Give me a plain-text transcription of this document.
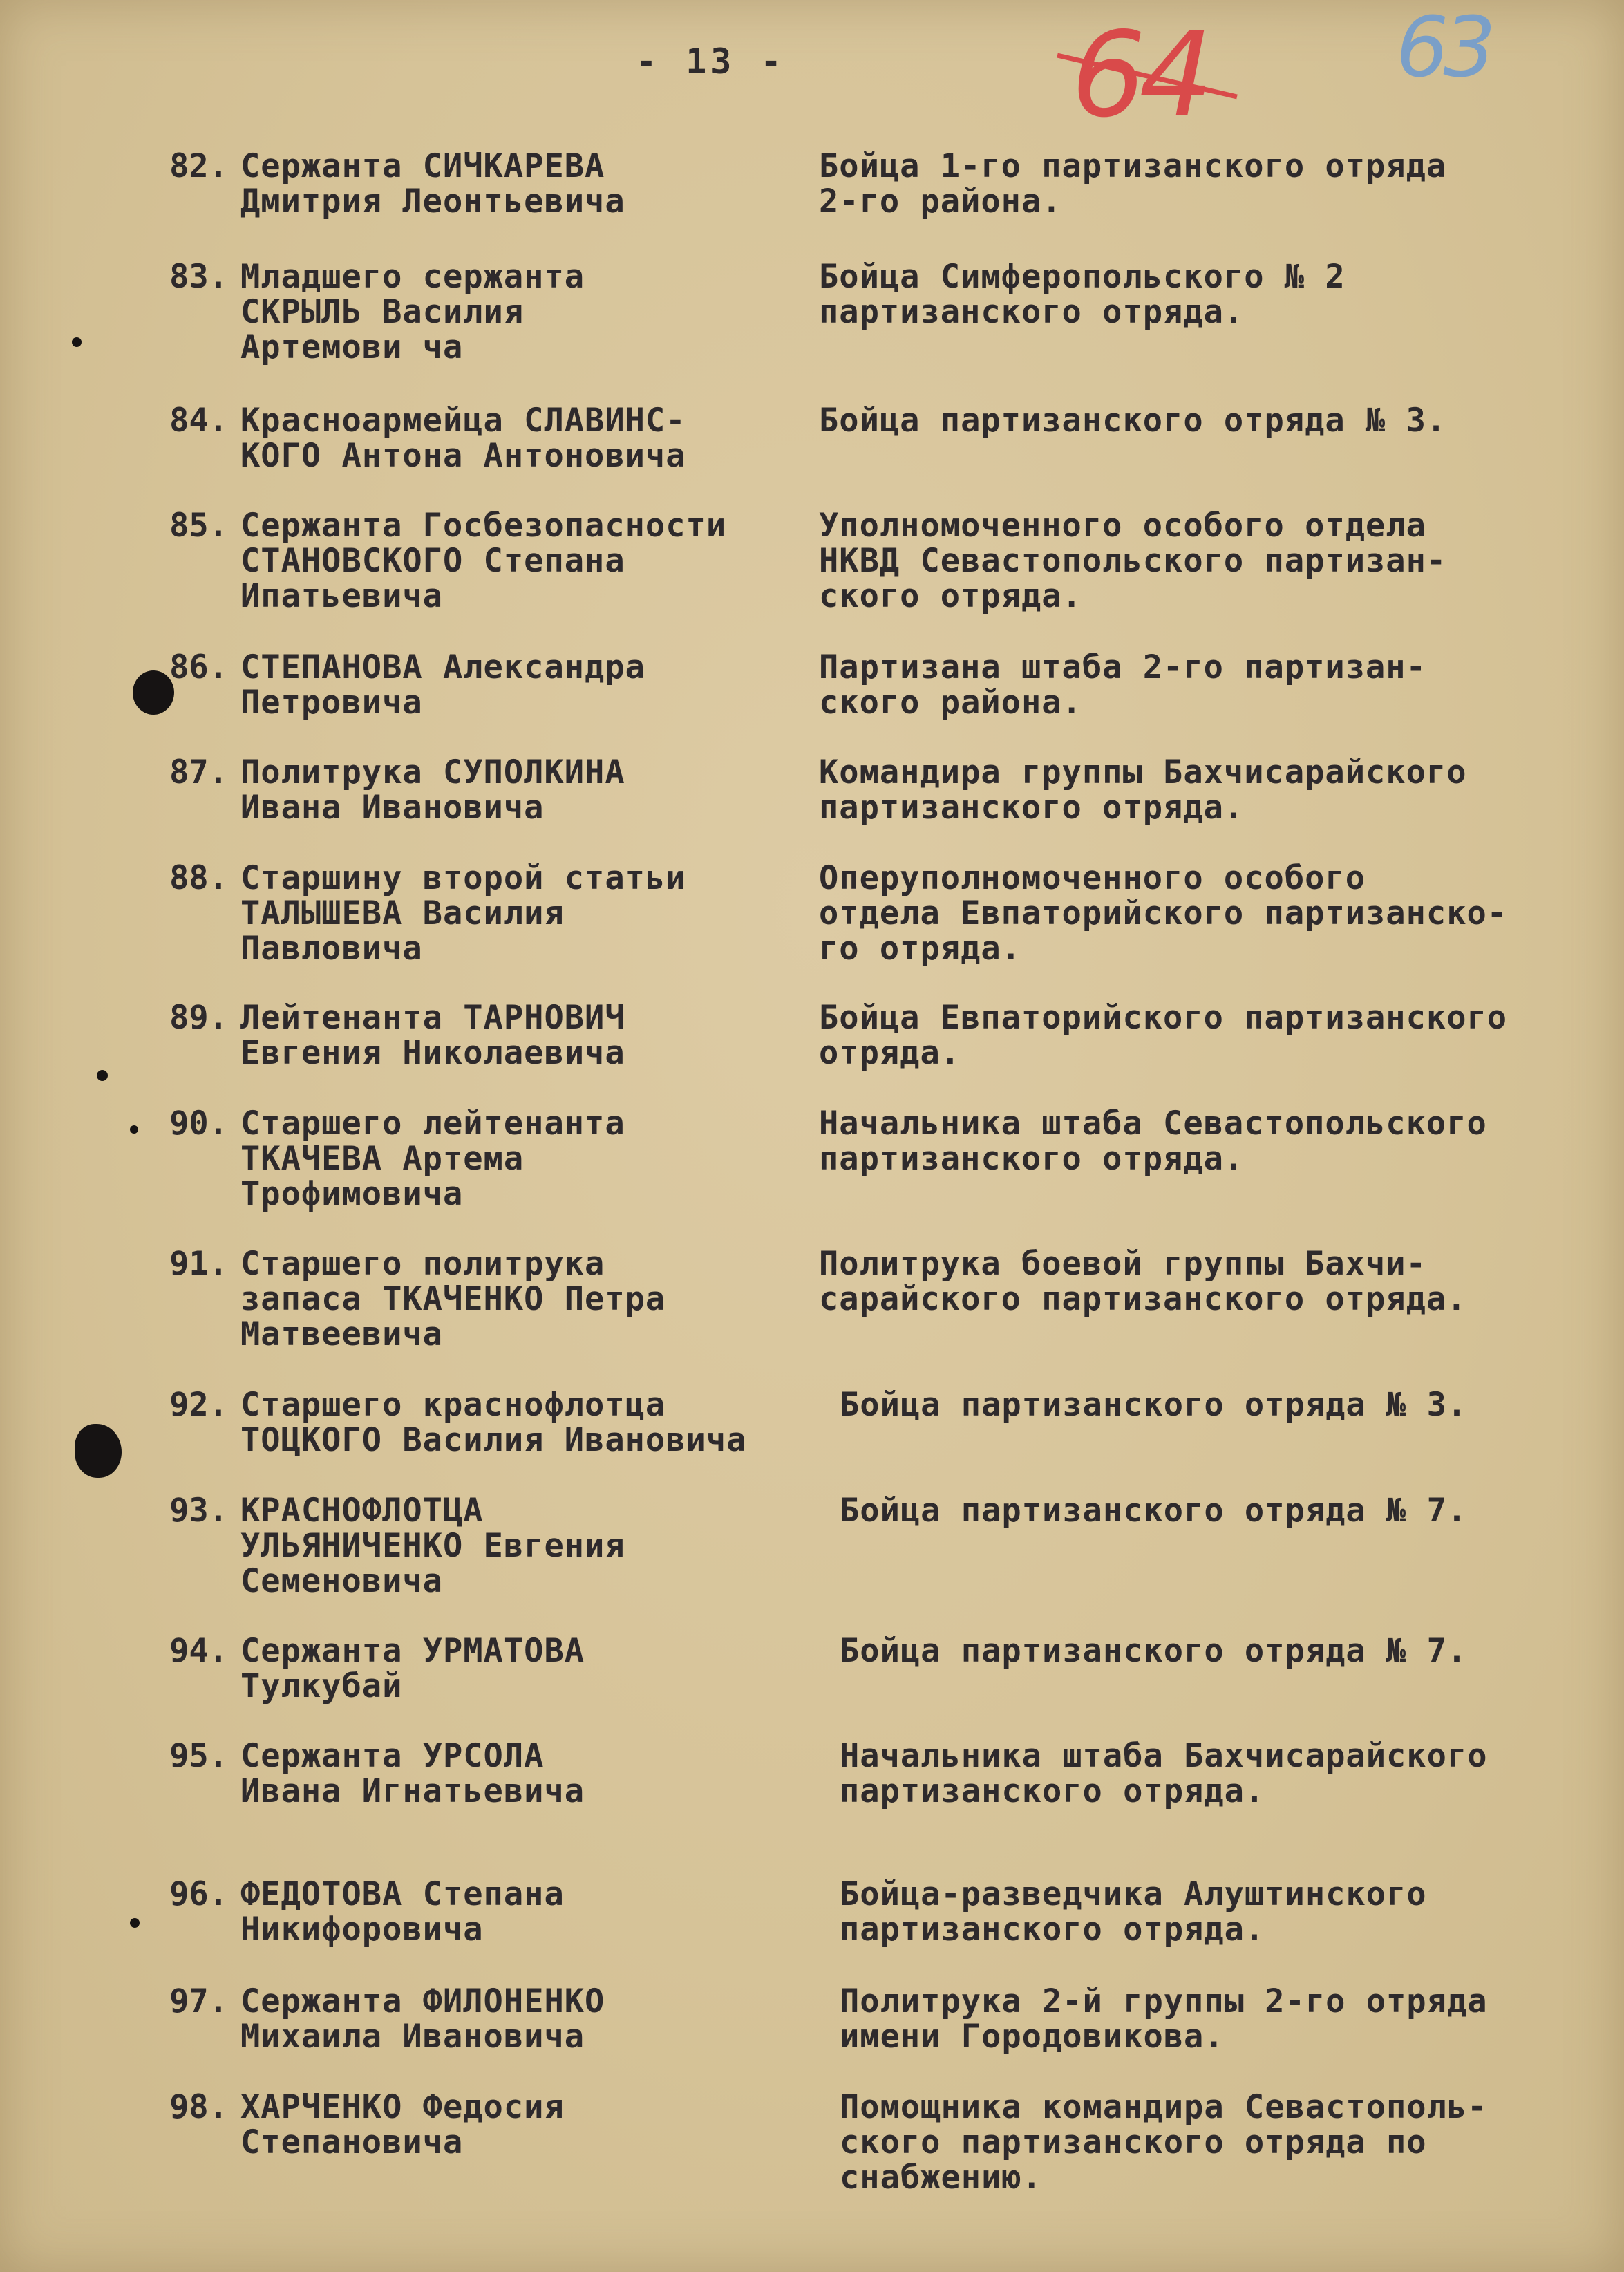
- 13 - 64 63
82. Сержанта СИЧКАРЕВА
Дмитрия Леонтьевича
Бойца 1-го партизанского отряда
2-го района.
83. Младшего сержанта
СКРЫЛЬ Василия
Артемови ча
Бойца Симферопольского № 2
партизанского отряда.
84. Красноармейца СЛАВИНС-
КОГО Антона Антоновича
Бойца партизанского отряда № 3.
85. Сержанта Госбезопасности
СТАНОВСКОГО Степана
Ипатьевича
Уполномоченного особого отдела
НКВД Севастопольского партизан-
ского отряда.
86. СТЕПАНОВА Александра
Петровича
Партизана штаба 2-го партизан-
ского района.
87. Политрука СУПОЛКИНА
Ивана Ивановича
Командира группы Бахчисарайского
партизанского отряда.
88. Старшину второй статьи
ТАЛЫШЕВА Василия
Павловича
Оперуполномоченного особого
отдела Евпаторийского партизанско-
го отряда.
89. Лейтенанта ТАРНОВИЧ
Евгения Николаевича
Бойца Евпаторийского партизанского
отряда.
90. Старшего лейтенанта
ТКАЧЕВА Артема
Трофимовича
Начальника штаба Севастопольского
партизанского отряда.
91. Старшего политрука
запаса ТКАЧЕНКО Петра
Матвеевича
Политрука боевой группы Бахчи-
сарайского партизанского отряда.
92. Старшего краснофлотца
ТОЦКОГО Василия Ивановича
Бойца партизанского отряда № 3.
93. КРАСНОФЛОТЦА
УЛЬЯНИЧЕНКО Евгения
Семеновича
Бойца партизанского отряда № 7.
94. Сержанта УРМАТОВА
Тулкубай
Бойца партизанского отряда № 7.
95. Сержанта УРСОЛА
Ивана Игнатьевича
Начальника штаба Бахчисарайского
партизанского отряда.
96. ФЕДОТОВА Степана
Никифоровича
Бойца-разведчика Алуштинского
партизанского отряда.
97. Сержанта ФИЛОНЕНКО
Михаила Ивановича
Политрука 2-й группы 2-го отряда
имени Городовикова.
98. ХАРЧЕНКО Федосия
Степановича
Помощника командира Севастополь-
ского партизанского отряда по
снабжению.
